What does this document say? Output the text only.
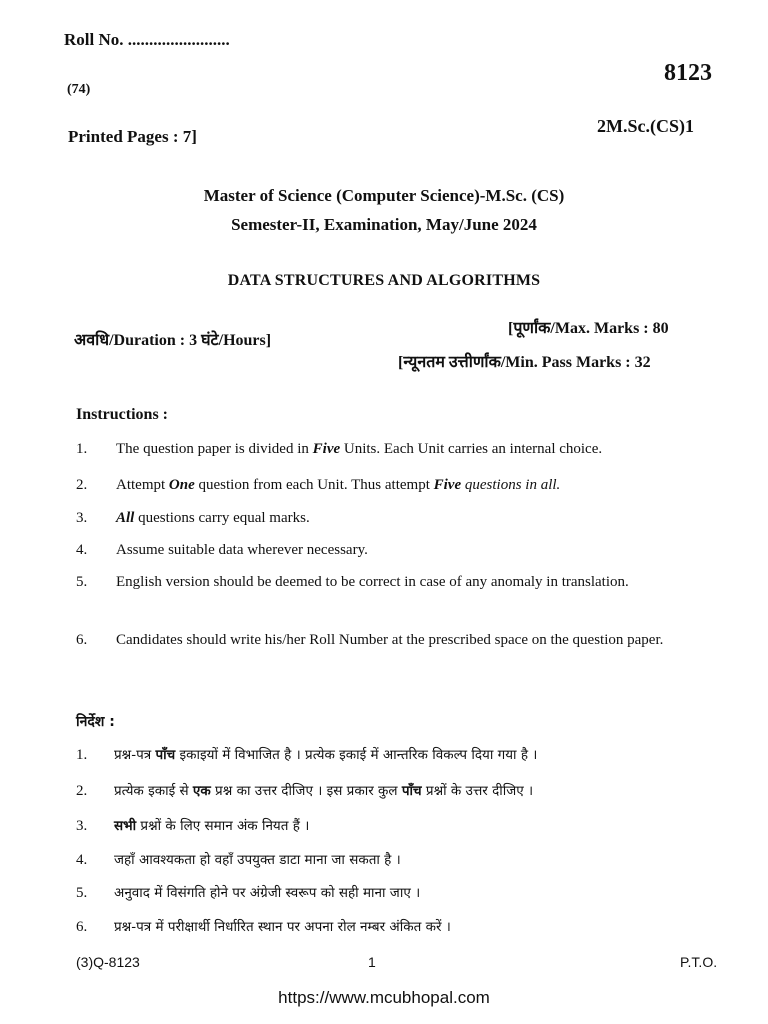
Roll No. ........................
8123
(74)
Printed Pages : 7]
2M.Sc.(CS)1
Master of Science (Computer Science)-M.Sc. (CS)
Semester-II, Examination, May/June 2024
DATA STRUCTURES AND ALGORITHMS
अवधि/Duration : 3 घंटे/Hours]
[पूर्णांक/Max. Marks : 80
[न्यूनतम उत्तीर्णांक/Min. Pass Marks : 32
Instructions :
1. The question paper is divided in Five Units. Each Unit carries an internal choice.
2. Attempt One question from each Unit. Thus attempt Five questions in all.
3. All questions carry equal marks.
4. Assume suitable data wherever necessary.
5. English version should be deemed to be correct in case of any anomaly in translation.
6. Candidates should write his/her Roll Number at the prescribed space on the question paper.
निर्देश :
1. प्रश्न-पत्र पाँच इकाइयों में विभाजित है । प्रत्येक इकाई में आन्तरिक विकल्प दिया गया है ।
2. प्रत्येक इकाई से एक प्रश्न का उत्तर दीजिए । इस प्रकार कुल पाँच प्रश्नों के उत्तर दीजिए ।
3. सभी प्रश्नों के लिए समान अंक नियत हैं ।
4. जहाँ आवश्यकता हो वहाँ उपयुक्त डाटा माना जा सकता है ।
5. अनुवाद में विसंगति होने पर अंग्रेजी स्वरूप को सही माना जाए ।
6. प्रश्न-पत्र में परीक्षार्थी निर्धारित स्थान पर अपना रोल नम्बर अंकित करें ।
(3)Q-8123	1	P.T.O.
https://www.mcubhopal.com
